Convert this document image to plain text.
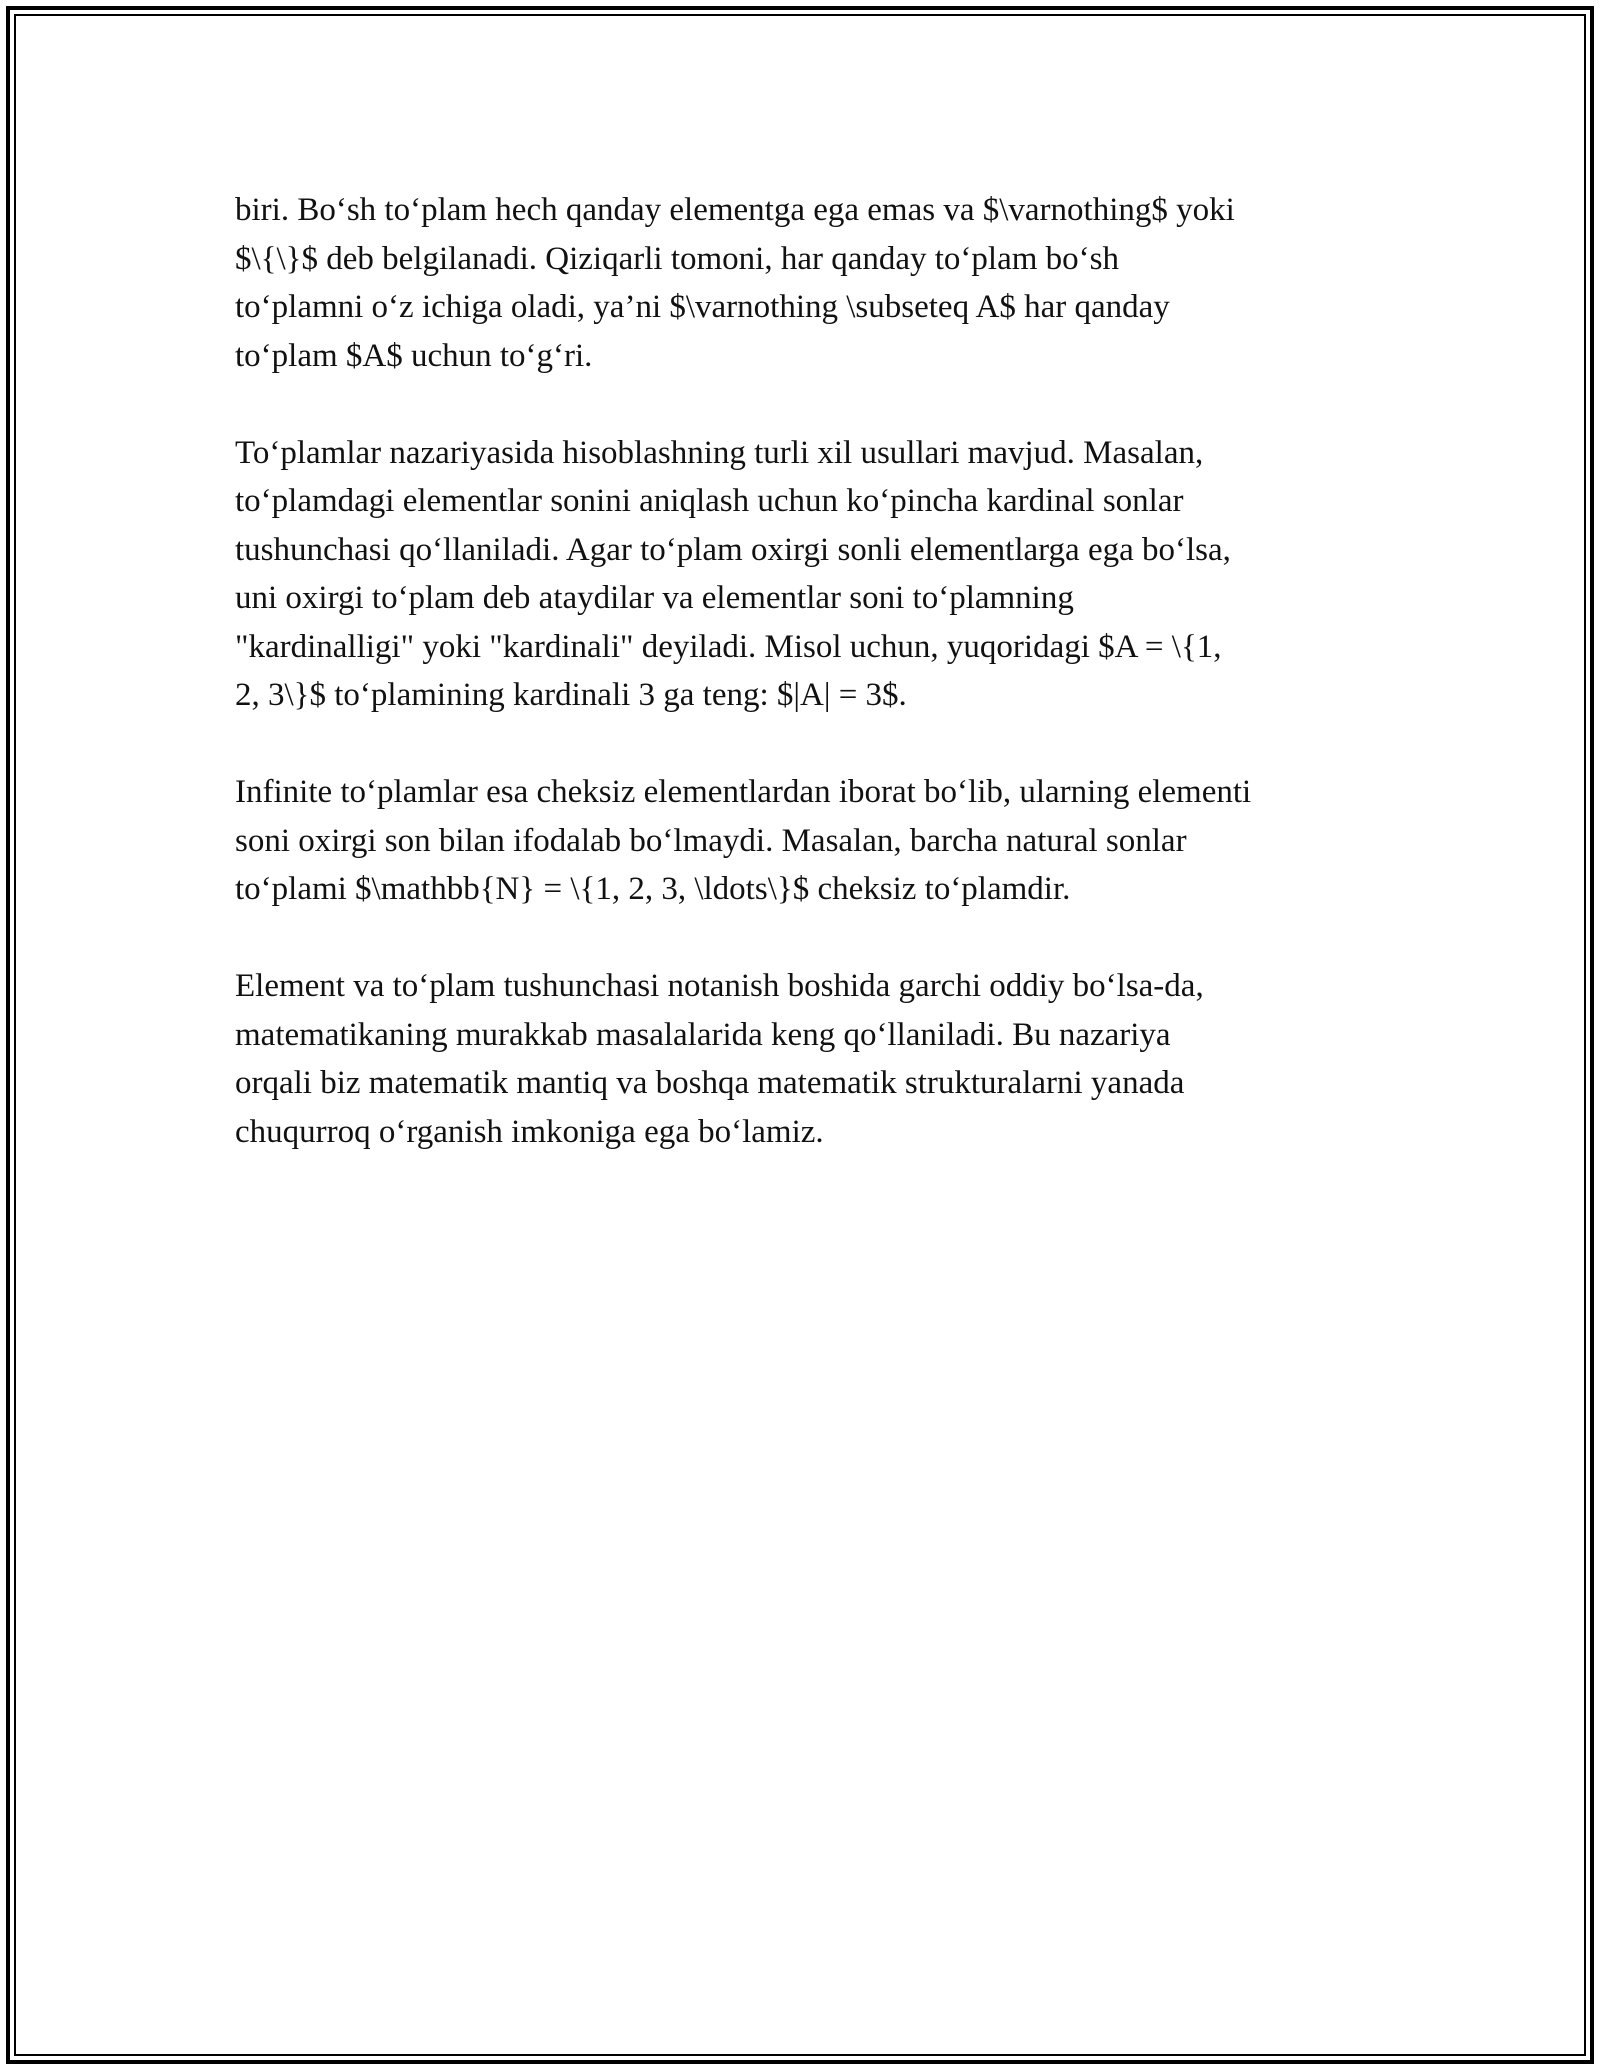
biri. Bo‘sh to‘plam hech qanday elementga ega emas va $\varnothing$ yoki
$\{\}$ deb belgilanadi. Qiziqarli tomoni, har qanday to‘plam bo‘sh
to‘plamni o‘z ichiga oladi, ya’ni $\varnothing \subseteq A$ har qanday
to‘plam $A$ uchun to‘g‘ri.

To‘plamlar nazariyasida hisoblashning turli xil usullari mavjud. Masalan,
to‘plamdagi elementlar sonini aniqlash uchun ko‘pincha kardinal sonlar
tushunchasi qo‘llaniladi. Agar to‘plam oxirgi sonli elementlarga ega bo‘lsa,
uni oxirgi to‘plam deb ataydilar va elementlar soni to‘plamning
"kardinalligi" yoki "kardinali" deyiladi. Misol uchun, yuqoridagi $A = \{1,
2, 3\}$ to‘plamining kardinali 3 ga teng: $|A| = 3$.

Infinite to‘plamlar esa cheksiz elementlardan iborat bo‘lib, ularning elementi
soni oxirgi son bilan ifodalab bo‘lmaydi. Masalan, barcha natural sonlar
to‘plami $\mathbb{N} = \{1, 2, 3, \ldots\}$ cheksiz to‘plamdir.

Element va to‘plam tushunchasi notanish boshida garchi oddiy bo‘lsa-da,
matematikaning murakkab masalalarida keng qo‘llaniladi. Bu nazariya
orqali biz matematik mantiq va boshqa matematik strukturalarni yanada
chuqurroq o‘rganish imkoniga ega bo‘lamiz.
